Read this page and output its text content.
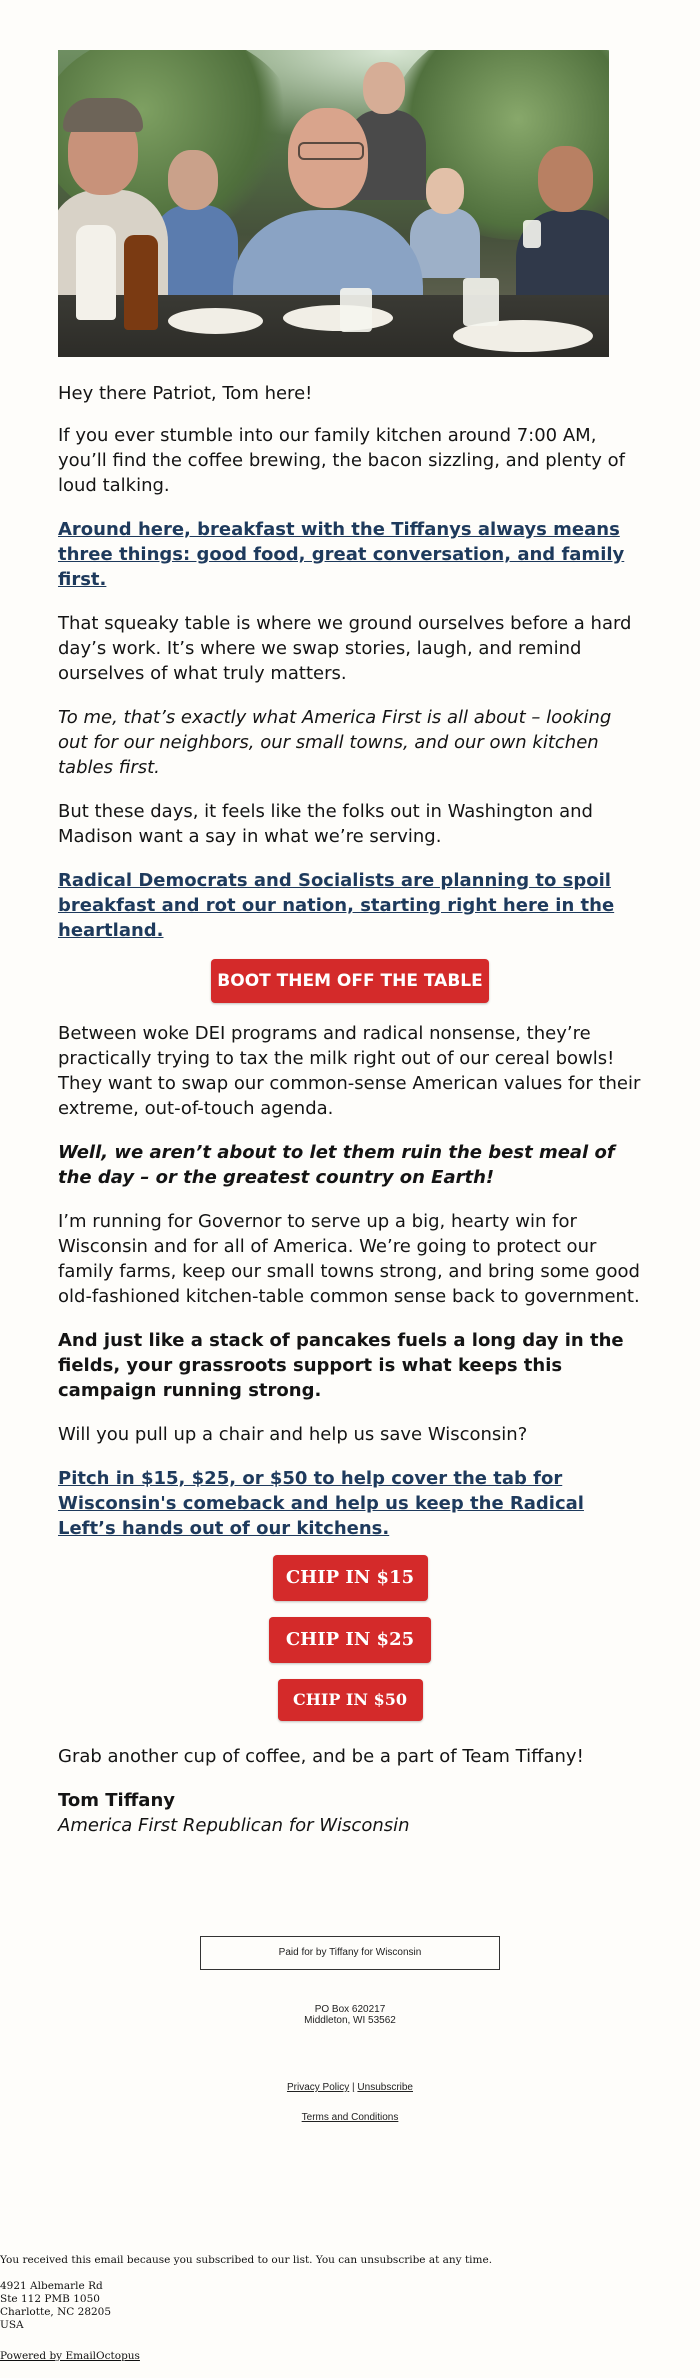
Hey there Patriot, Tom here!

If you ever stumble into our family kitchen around 7:00 AM, you’ll find the coffee brewing, the bacon sizzling, and plenty of loud talking.

Around here, breakfast with the Tiffanys always means three things: good food, great conversation, and family first.

That squeaky table is where we ground ourselves before a hard day’s work. It’s where we swap stories, laugh, and remind ourselves of what truly matters.

To me, that’s exactly what America First is all about – looking out for our neighbors, our small towns, and our own kitchen tables first.

But these days, it feels like the folks out in Washington and Madison want a say in what we’re serving.

Radical Democrats and Socialists are planning to spoil breakfast and rot our nation, starting right here in the heartland.

BOOT THEM OFF THE TABLE

Between woke DEI programs and radical nonsense, they’re practically trying to tax the milk right out of our cereal bowls! They want to swap our common-sense American values for their extreme, out-of-touch agenda.

Well, we aren’t about to let them ruin the best meal of the day – or the greatest country on Earth!

I’m running for Governor to serve up a big, hearty win for Wisconsin and for all of America. We’re going to protect our family farms, keep our small towns strong, and bring some good old-fashioned kitchen-table common sense back to government.

And just like a stack of pancakes fuels a long day in the fields, your grassroots support is what keeps this campaign running strong.

Will you pull up a chair and help us save Wisconsin?

Pitch in $15, $25, or $50 to help cover the tab for Wisconsin's comeback and help us keep the Radical Left’s hands out of our kitchens.

CHIP IN $15
CHIP IN $25
CHIP IN $50

Grab another cup of coffee, and be a part of Team Tiffany!

Tom Tiffany

America First Republican for Wisconsin

Paid for by Tiffany for Wisconsin
PO Box 620217
Middleton, WI 53562
Privacy Policy | Unsubscribe
Terms and Conditions
You received this email because you subscribed to our list. You can unsubscribe at any time.
4921 Albemarle Rd
Ste 112 PMB 1050
Charlotte, NC 28205
USA
Powered by EmailOctopus
